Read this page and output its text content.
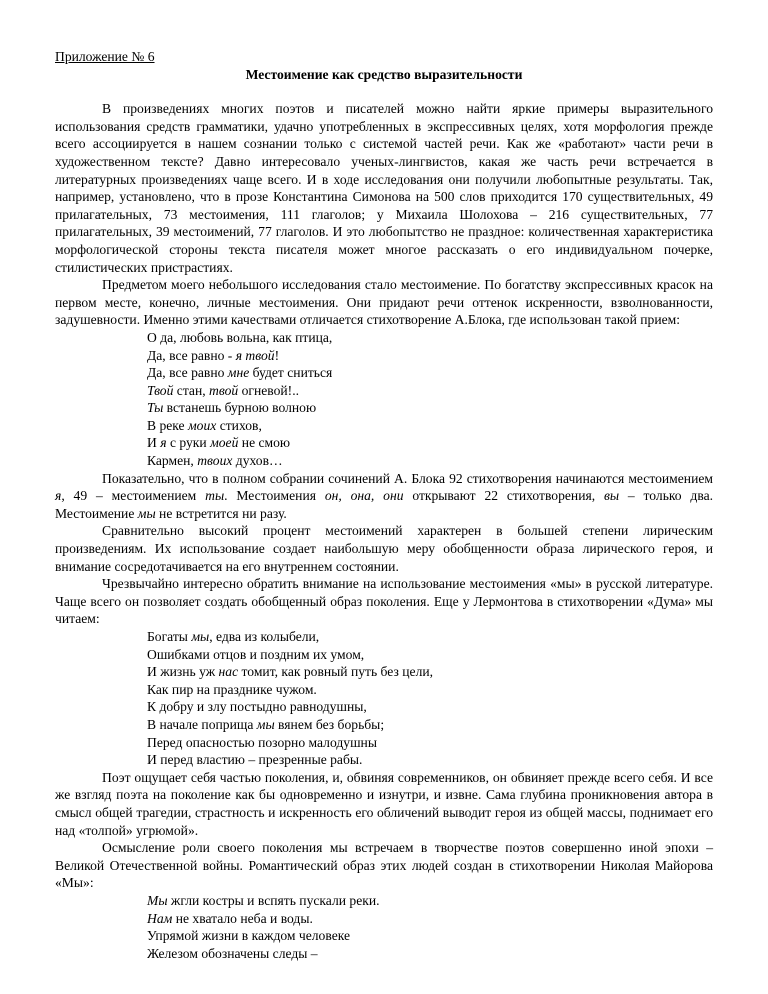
Приложение № 6

Местоимение как средство выразительности

В произведениях многих поэтов и писателей можно найти яркие примеры выразительного использования средств грамматики, удачно употребленных в экспрессивных целях, хотя морфология прежде всего ассоциируется в нашем сознании только с системой частей речи. Как же «работают» части речи в художественном тексте? Давно интересовало ученых-лингвистов, какая же часть речи встречается в литературных произведениях чаще всего. И в ходе исследования они получили любопытные результаты. Так, например, установлено, что в прозе Константина Симонова на 500 слов приходится 170 существительных, 49 прилагательных, 73 местоимения, 111 глаголов; у Михаила Шолохова – 216 существительных, 77 прилагательных, 39 местоимений, 77 глаголов. И это любопытство не праздное: количественная характеристика морфологической стороны текста писателя может многое рассказать о его индивидуальном почерке, стилистических пристрастиях.

Предметом моего небольшого исследования стало местоимение. По богатству экспрессивных красок на первом месте, конечно, личные местоимения. Они придают речи оттенок искренности, взволнованности, задушевности. Именно этими качествами отличается стихотворение А.Блока, где использован такой прием:

О да, любовь вольна, как птица,
Да, все равно - я твой!
Да, все равно мне будет сниться
Твой стан, твой огневой!..
Ты встанешь бурною волною
В реке моих стихов,
И я с руки моей не смою
Кармен, твоих духов…

Показательно, что в полном собрании сочинений А. Блока 92 стихотворения начинаются местоимением я, 49 – местоимением ты. Местоимения он, она, они открывают 22 стихотворения, вы – только два. Местоимение мы не встретится ни разу.

Сравнительно высокий процент местоимений характерен в большей степени лирическим произведениям. Их использование создает наибольшую меру обобщенности образа лирического героя, и внимание сосредотачивается на его внутреннем состоянии.

Чрезвычайно интересно обратить внимание на использование местоимения «мы» в русской литературе. Чаще всего он позволяет создать обобщенный образ поколения. Еще у Лермонтова в стихотворении «Дума» мы читаем:

Богаты мы, едва из колыбели,
Ошибками отцов и поздним их умом,
И жизнь уж нас томит, как ровный путь без цели,
Как пир на празднике чужом.
К добру и злу постыдно равнодушны,
В начале поприща мы вянем без борьбы;
Перед опасностью позорно малодушны
И перед властию – презренные рабы.

Поэт ощущает себя частью поколения, и, обвиняя современников, он обвиняет прежде всего себя. И все же взгляд поэта на поколение как бы одновременно и изнутри, и извне. Сама глубина проникновения автора в смысл общей трагедии, страстность и искренность его обличений выводит героя из общей массы, поднимает его над «толпой» угрюмой».

Осмысление роли своего поколения мы встречаем в творчестве поэтов совершенно иной эпохи – Великой Отечественной войны. Романтический образ этих людей создан в стихотворении Николая Майорова «Мы»:

Мы жгли костры и вспять пускали реки.
Нам не хватало неба и воды.
Упрямой жизни в каждом человеке
Железом обозначены следы –
